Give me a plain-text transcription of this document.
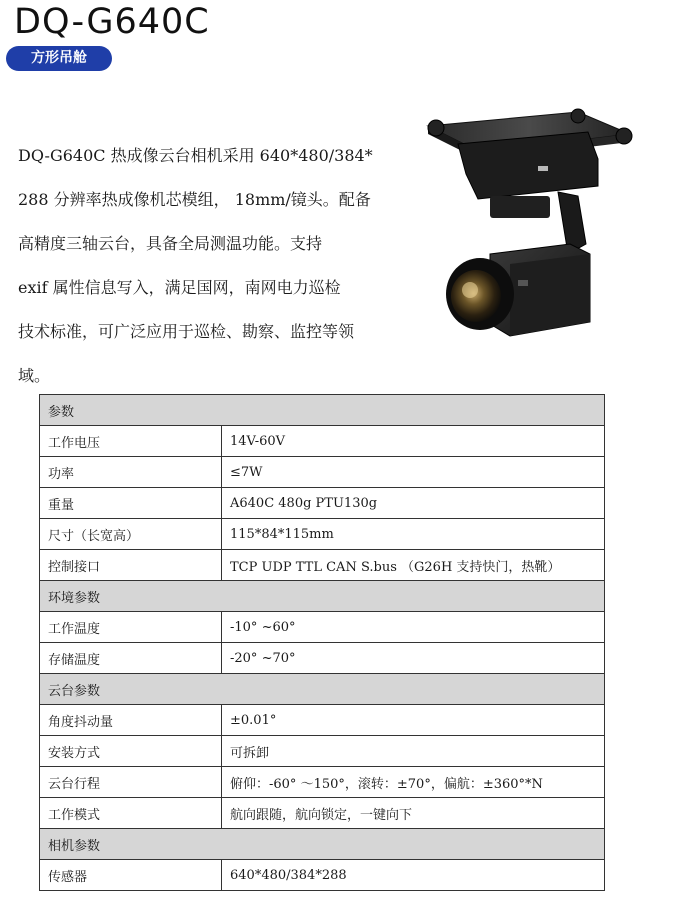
DQ-G640C
方形吊舱

DQ-G640C 热成像云台相机采用 640*480/384*
288 分辨率热成像机芯模组， 18mm/镜头。配备
高精度三轴云台，具备全局测温功能。支持
exif 属性信息写入，满足国网，南网电力巡检
技术标准，可广泛应用于巡检、勘察、监控等领
域。

参数	
工作电压	14V-60V
功率	≤7W
重量	A640C 480g PTU130g
尺寸（长宽高）	115*84*115mm
控制接口	TCP UDP TTL CAN S.bus （G26H 支持快门，热靴）
环境参数	
工作温度	-10° ~60°
存储温度	-20° ~70°
云台参数	
角度抖动量	±0.01°
安装方式	可拆卸
云台行程	俯仰：-60° ～150°，滚转：±70°，偏航：±360°*N
工作模式	航向跟随，航向锁定，一键向下
相机参数	
传感器	640*480/384*288
